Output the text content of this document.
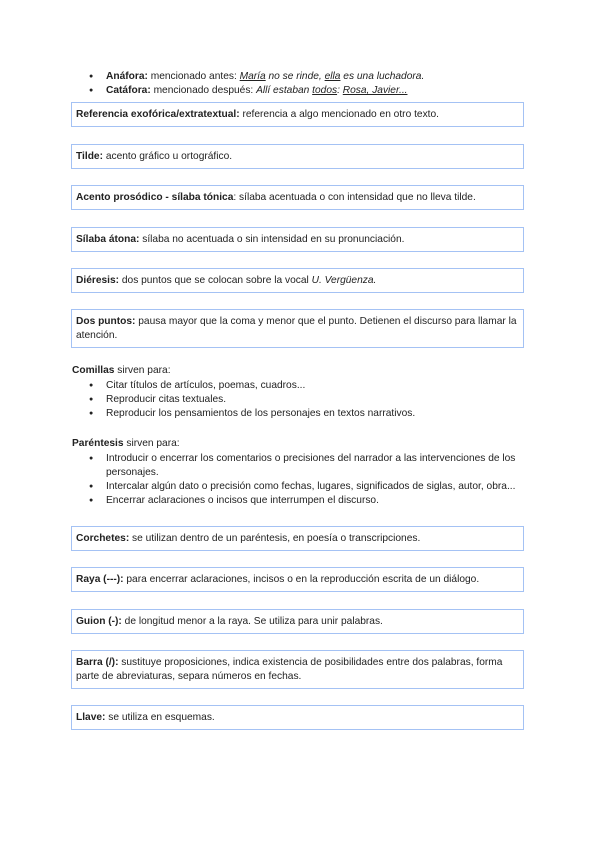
● Anáfora: mencionado antes: María no se rinde, ella es una luchadora.
● Catáfora: mencionado después: Allí estaban todos: Rosa, Javier...
Referencia exofórica/extratextual: referencia a algo mencionado en otro texto.
Tilde: acento gráfico u ortográfico.
Acento prosódico - sílaba tónica: sílaba acentuada o con intensidad que no lleva tilde.
Sílaba átona: sílaba no acentuada o sin intensidad en su pronunciación.
Diéresis: dos puntos que se colocan sobre la vocal U. Vergüenza.
Dos puntos: pausa mayor que la coma y menor que el punto. Detienen el discurso para llamar la atención.
Comillas sirven para:
● Citar títulos de artículos, poemas, cuadros...
● Reproducir citas textuales.
● Reproducir los pensamientos de los personajes en textos narrativos.
Paréntesis sirven para:
● Introducir o encerrar los comentarios o precisiones del narrador a las intervenciones de los personajes.
● Intercalar algún dato o precisión como fechas, lugares, significados de siglas, autor, obra...
● Encerrar aclaraciones o incisos que interrumpen el discurso.
Corchetes: se utilizan dentro de un paréntesis, en poesía o transcripciones.
Raya (---): para encerrar aclaraciones, incisos o en la reproducción escrita de un diálogo.
Guion (-): de longitud menor a la raya. Se utiliza para unir palabras.
Barra (/): sustituye proposiciones, indica existencia de posibilidades entre dos palabras, forma parte de abreviaturas, separa números en fechas.
Llave: se utiliza en esquemas.
